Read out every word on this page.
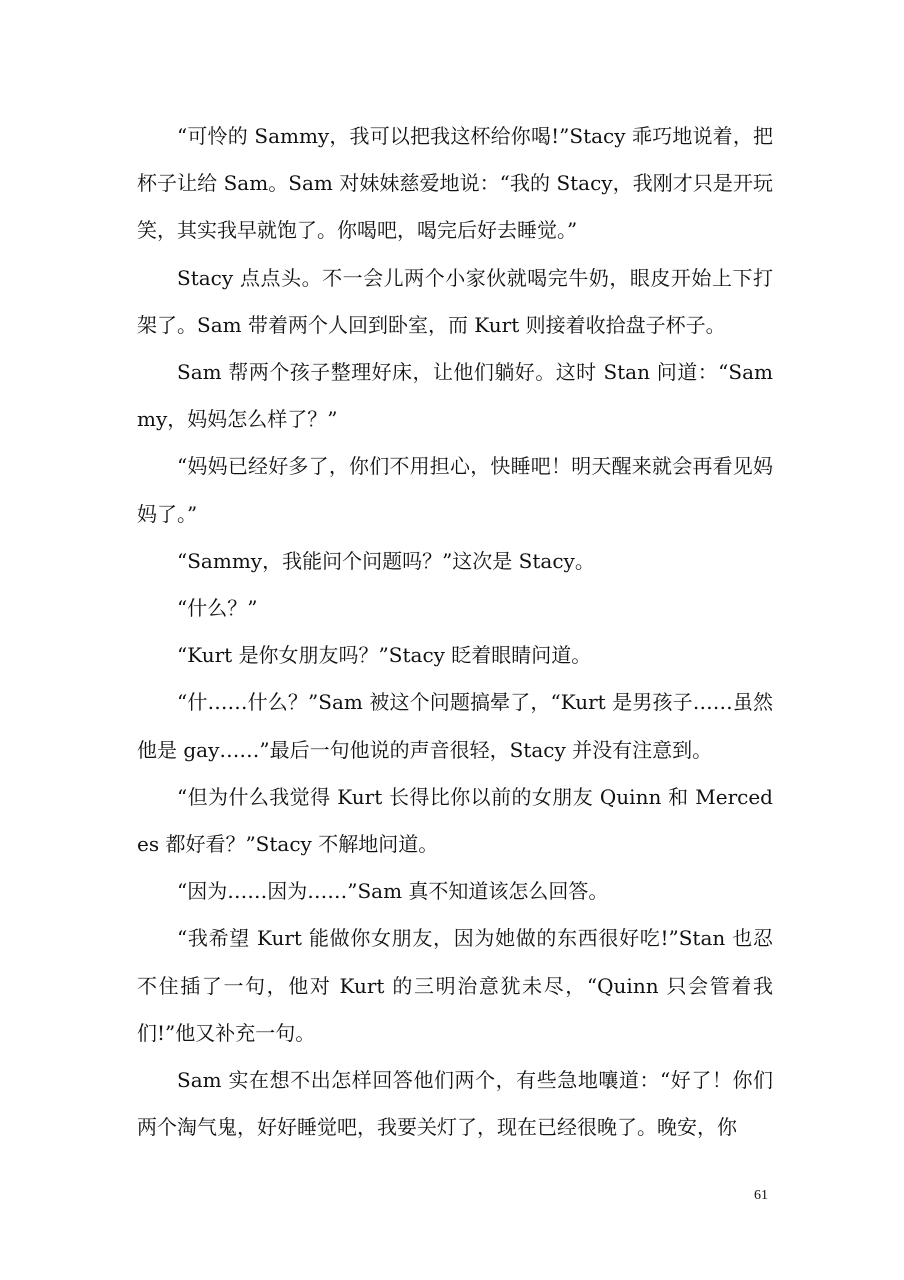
“可怜的 Sammy，我可以把我这杯给你喝!”Stacy 乖巧地说着，把杯子让给 Sam。Sam 对妹妹慈爱地说：“我的 Stacy，我刚才只是开玩笑，其实我早就饱了。你喝吧，喝完后好去睡觉。”

Stacy 点点头。不一会儿两个小家伙就喝完牛奶，眼皮开始上下打架了。Sam 带着两个人回到卧室，而 Kurt 则接着收拾盘子杯子。

Sam 帮两个孩子整理好床，让他们躺好。这时 Stan 问道：“Sammy，妈妈怎么样了？”

“妈妈已经好多了，你们不用担心，快睡吧！明天醒来就会再看见妈妈了。”

“Sammy，我能问个问题吗？”这次是 Stacy。

“什么？”

“Kurt 是你女朋友吗？”Stacy 眨着眼睛问道。

“什……什么？”Sam 被这个问题搞晕了，“Kurt 是男孩子……虽然他是 gay……”最后一句他说的声音很轻，Stacy 并没有注意到。

“但为什么我觉得 Kurt 长得比你以前的女朋友 Quinn 和 Mercedes 都好看？”Stacy 不解地问道。

“因为……因为……”Sam 真不知道该怎么回答。

“我希望 Kurt 能做你女朋友，因为她做的东西很好吃!”Stan 也忍不住插了一句，他对 Kurt 的三明治意犹未尽，“Quinn 只会管着我们!”他又补充一句。

Sam 实在想不出怎样回答他们两个，有些急地嚷道：“好了！你们两个淘气鬼，好好睡觉吧，我要关灯了，现在已经很晚了。晚安，你

61
